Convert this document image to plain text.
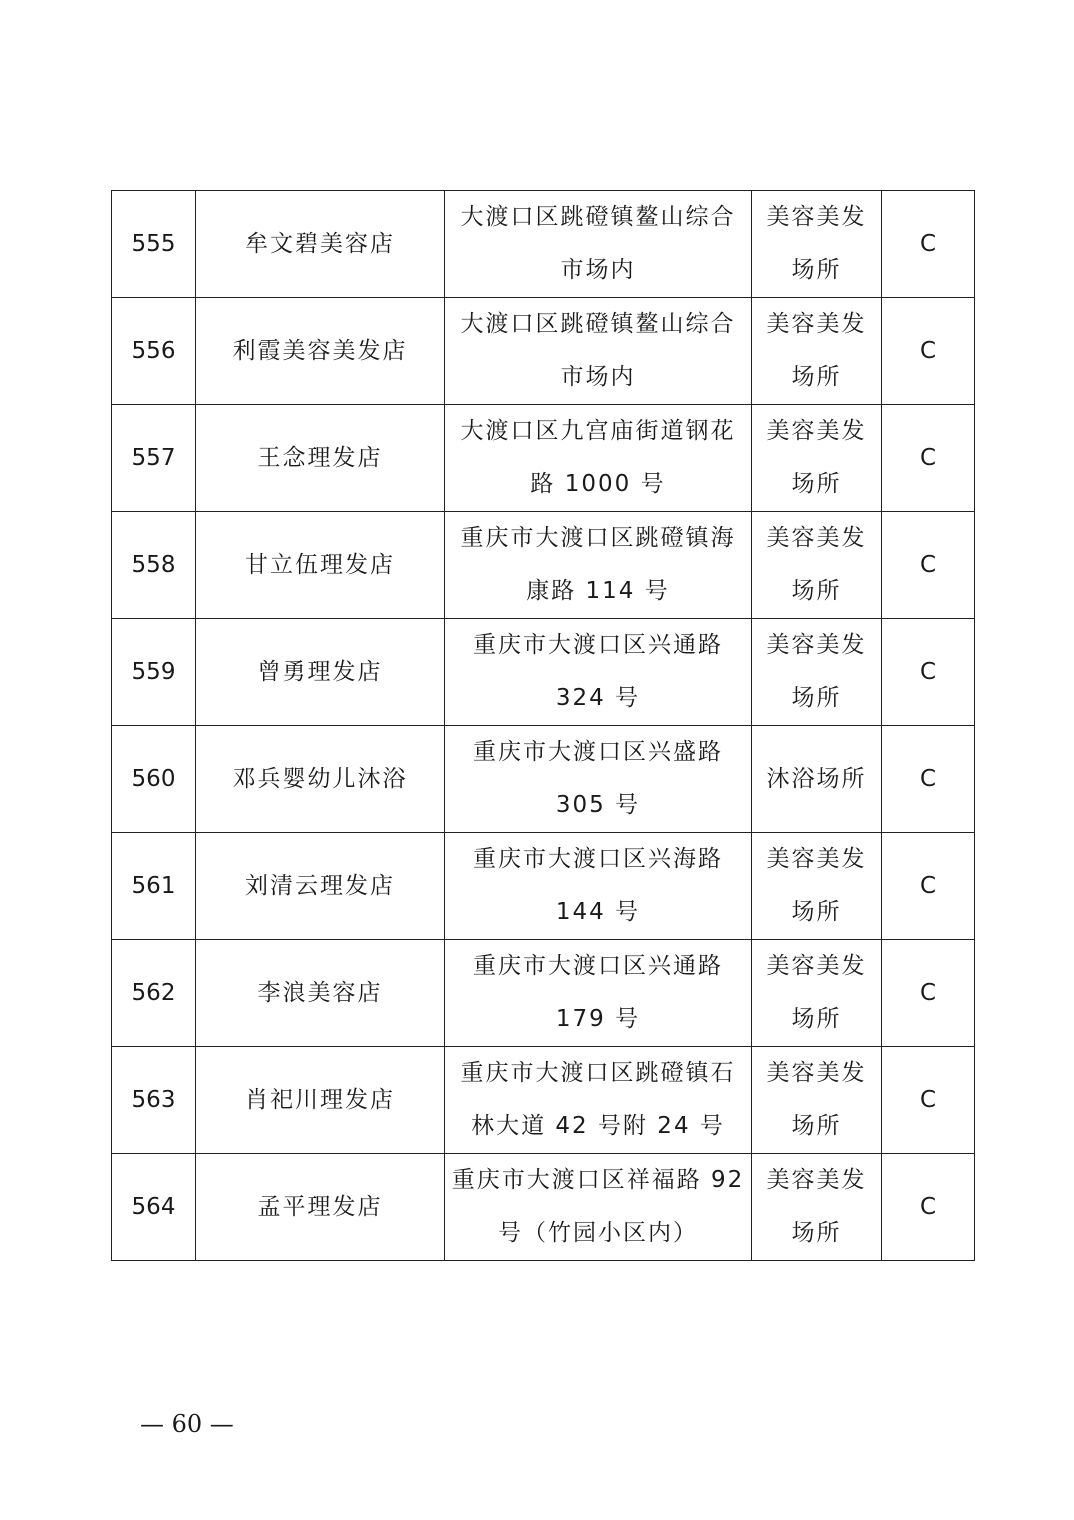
555	牟文碧美容店	大渡口区跳磴镇鳌山综合市场内	美容美发场所	C
556	利霞美容美发店	大渡口区跳磴镇鳌山综合市场内	美容美发场所	C
557	王念理发店	大渡口区九宫庙街道钢花路 1000 号	美容美发场所	C
558	甘立伍理发店	重庆市大渡口区跳磴镇海康路 114 号	美容美发场所	C
559	曾勇理发店	重庆市大渡口区兴通路 324 号	美容美发场所	C
560	邓兵婴幼儿沐浴	重庆市大渡口区兴盛路 305 号	沐浴场所	C
561	刘清云理发店	重庆市大渡口区兴海路 144 号	美容美发场所	C
562	李浪美容店	重庆市大渡口区兴通路 179 号	美容美发场所	C
563	肖祀川理发店	重庆市大渡口区跳磴镇石林大道 42 号附 24 号	美容美发场所	C
564	孟平理发店	重庆市大渡口区祥福路 92 号（竹园小区内）	美容美发场所	C
— 60 —
